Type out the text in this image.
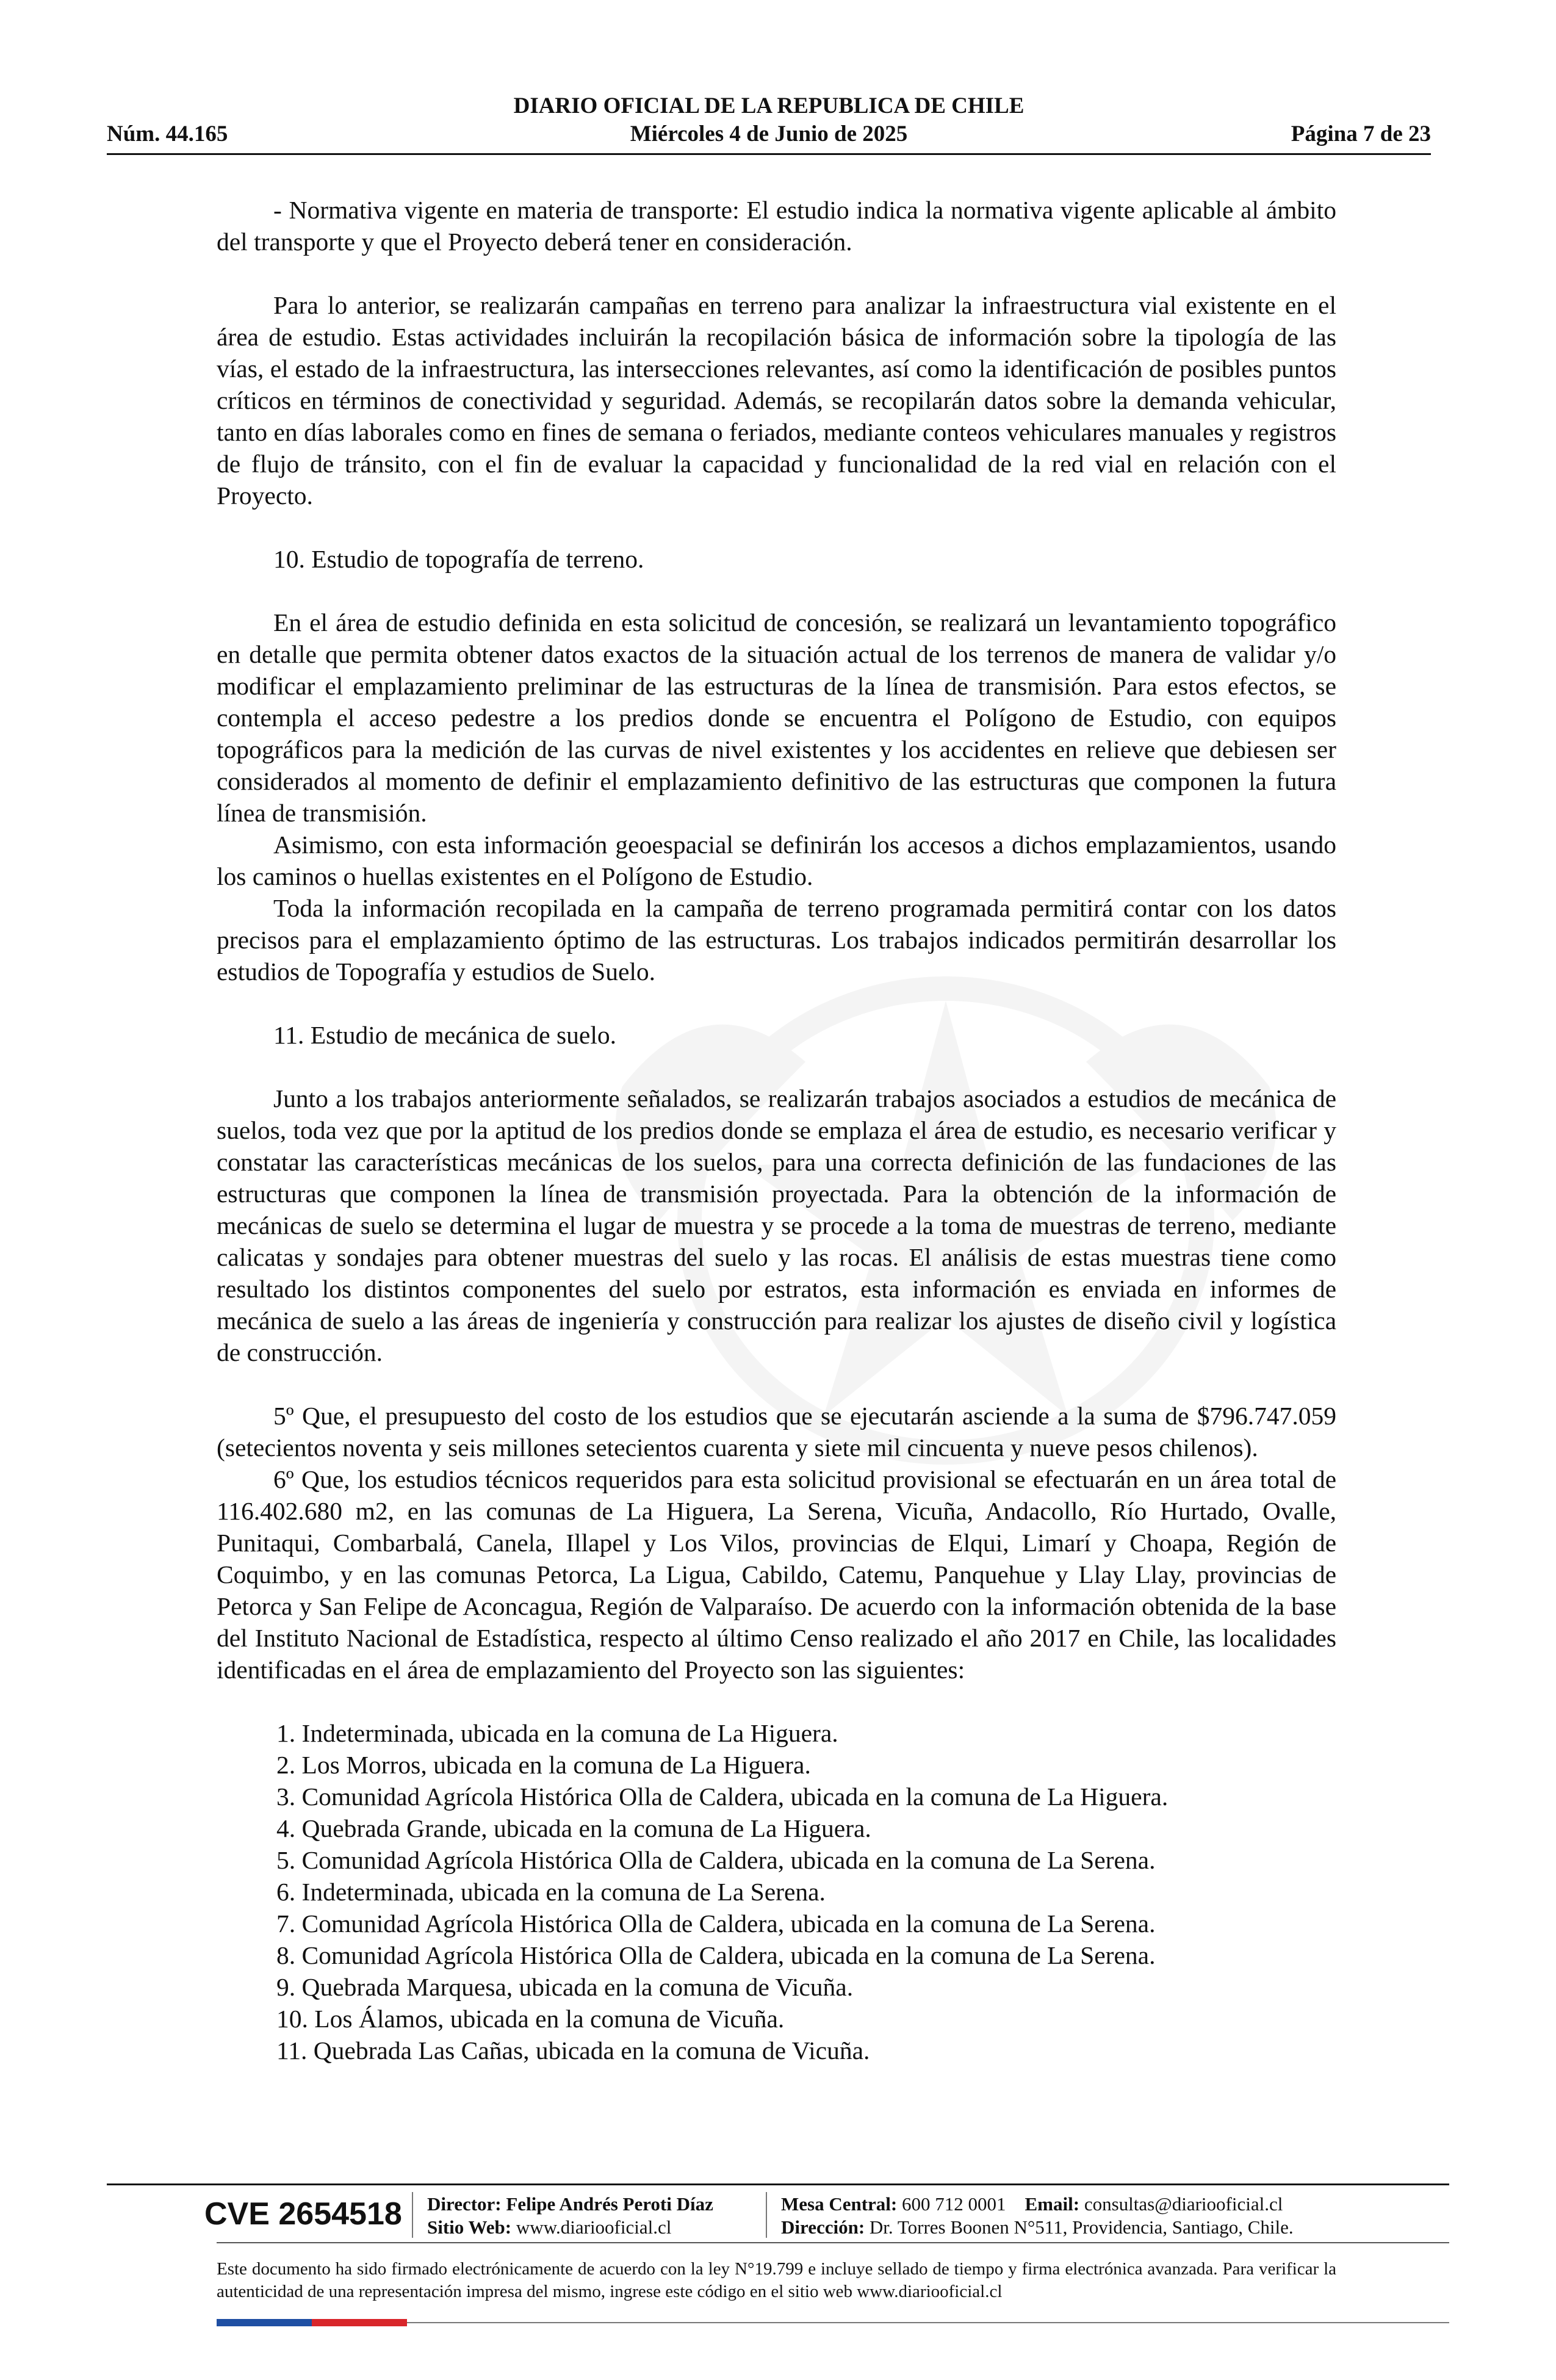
DIARIO OFICIAL DE LA REPUBLICA DE CHILE
Núm. 44.165	Miércoles 4 de Junio de 2025	Página 7 de 23

- Normativa vigente en materia de transporte: El estudio indica la normativa vigente aplicable al ámbito del transporte y que el Proyecto deberá tener en consideración.

Para lo anterior, se realizarán campañas en terreno para analizar la infraestructura vial existente en el área de estudio. Estas actividades incluirán la recopilación básica de información sobre la tipología de las vías, el estado de la infraestructura, las intersecciones relevantes, así como la identificación de posibles puntos críticos en términos de conectividad y seguridad. Además, se recopilarán datos sobre la demanda vehicular, tanto en días laborales como en fines de semana o feriados, mediante conteos vehiculares manuales y registros de flujo de tránsito, con el fin de evaluar la capacidad y funcionalidad de la red vial en relación con el Proyecto.

10. Estudio de topografía de terreno.

En el área de estudio definida en esta solicitud de concesión, se realizará un levantamiento topográfico en detalle que permita obtener datos exactos de la situación actual de los terrenos de manera de validar y/o modificar el emplazamiento preliminar de las estructuras de la línea de transmisión. Para estos efectos, se contempla el acceso pedestre a los predios donde se encuentra el Polígono de Estudio, con equipos topográficos para la medición de las curvas de nivel existentes y los accidentes en relieve que debiesen ser considerados al momento de definir el emplazamiento definitivo de las estructuras que componen la futura línea de transmisión.

Asimismo, con esta información geoespacial se definirán los accesos a dichos emplazamientos, usando los caminos o huellas existentes en el Polígono de Estudio.

Toda la información recopilada en la campaña de terreno programada permitirá contar con los datos precisos para el emplazamiento óptimo de las estructuras. Los trabajos indicados permitirán desarrollar los estudios de Topografía y estudios de Suelo.

11. Estudio de mecánica de suelo.

Junto a los trabajos anteriormente señalados, se realizarán trabajos asociados a estudios de mecánica de suelos, toda vez que por la aptitud de los predios donde se emplaza el área de estudio, es necesario verificar y constatar las características mecánicas de los suelos, para una correcta definición de las fundaciones de las estructuras que componen la línea de transmisión proyectada. Para la obtención de la información de mecánicas de suelo se determina el lugar de muestra y se procede a la toma de muestras de terreno, mediante calicatas y sondajes para obtener muestras del suelo y las rocas. El análisis de estas muestras tiene como resultado los distintos componentes del suelo por estratos, esta información es enviada en informes de mecánica de suelo a las áreas de ingeniería y construcción para realizar los ajustes de diseño civil y logística de construcción.

5º Que, el presupuesto del costo de los estudios que se ejecutarán asciende a la suma de $796.747.059 (setecientos noventa y seis millones setecientos cuarenta y siete mil cincuenta y nueve pesos chilenos).

6º Que, los estudios técnicos requeridos para esta solicitud provisional se efectuarán en un área total de 116.402.680 m2, en las comunas de La Higuera, La Serena, Vicuña, Andacollo, Río Hurtado, Ovalle, Punitaqui, Combarbalá, Canela, Illapel y Los Vilos, provincias de Elqui, Limarí y Choapa, Región de Coquimbo, y en las comunas Petorca, La Ligua, Cabildo, Catemu, Panquehue y Llay Llay, provincias de Petorca y San Felipe de Aconcagua, Región de Valparaíso. De acuerdo con la información obtenida de la base del Instituto Nacional de Estadística, respecto al último Censo realizado el año 2017 en Chile, las localidades identificadas en el área de emplazamiento del Proyecto son las siguientes:

1. Indeterminada, ubicada en la comuna de La Higuera.
2. Los Morros, ubicada en la comuna de La Higuera.
3. Comunidad Agrícola Histórica Olla de Caldera, ubicada en la comuna de La Higuera.
4. Quebrada Grande, ubicada en la comuna de La Higuera.
5. Comunidad Agrícola Histórica Olla de Caldera, ubicada en la comuna de La Serena.
6. Indeterminada, ubicada en la comuna de La Serena.
7. Comunidad Agrícola Histórica Olla de Caldera, ubicada en la comuna de La Serena.
8. Comunidad Agrícola Histórica Olla de Caldera, ubicada en la comuna de La Serena.
9. Quebrada Marquesa, ubicada en la comuna de Vicuña.
10. Los Álamos, ubicada en la comuna de Vicuña.
11. Quebrada Las Cañas, ubicada en la comuna de Vicuña.
CVE 2654518 Director: Felipe Andrés Peroti Díaz
Sitio Web: www.diariooficial.cl
Mesa Central: 600 712 0001 Email: consultas@diariooficial.cl
Dirección: Dr. Torres Boonen N°511, Providencia, Santiago, Chile.
Este documento ha sido firmado electrónicamente de acuerdo con la ley N°19.799 e incluye sellado de tiempo y firma electrónica avanzada. Para verificar la autenticidad de una representación impresa del mismo, ingrese este código en el sitio web www.diariooficial.cl
